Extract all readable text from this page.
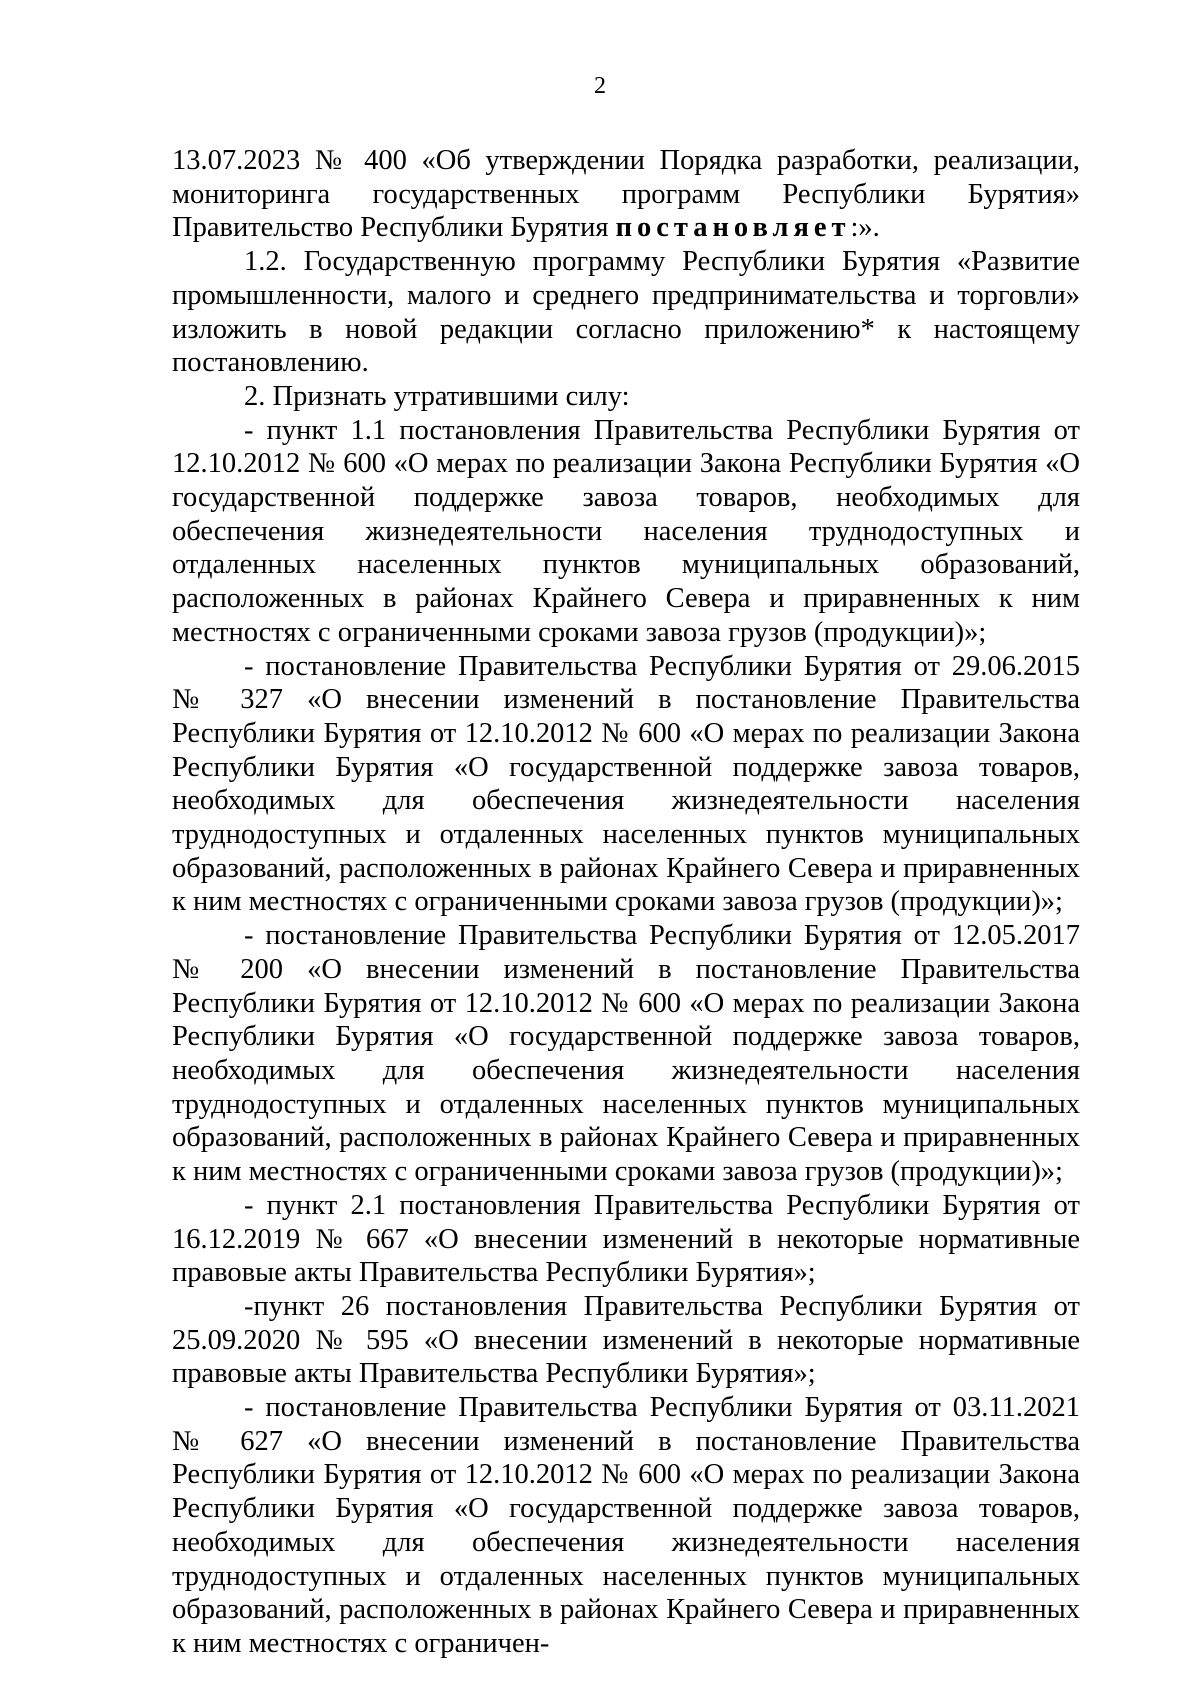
2

13.07.2023 № 400 «Об утверждении Порядка разработки, реализации, мониторинга государственных программ Республики Бурятия» Правительство Республики Бурятия постановляет:».

1.2. Государственную программу Республики Бурятия «Развитие промышленности, малого и среднего предпринимательства и торговли» изложить в новой редакции согласно приложению* к настоящему постановлению.

2. Признать утратившими силу:

- пункт 1.1 постановления Правительства Республики Бурятия от 12.10.2012 № 600 «О мерах по реализации Закона Республики Бурятия «О государственной поддержке завоза товаров, необходимых для обеспечения жизнедеятельности населения труднодоступных и отдаленных населенных пунктов муниципальных образований, расположенных в районах Крайнего Севера и приравненных к ним местностях с ограниченными сроками завоза грузов (продукции)»;

- постановление Правительства Республики Бурятия от 29.06.2015 № 327 «О внесении изменений в постановление Правительства Республики Бурятия от 12.10.2012 № 600 «О мерах по реализации Закона Республики Бурятия «О государственной поддержке завоза товаров, необходимых для обеспечения жизнедеятельности населения труднодоступных и отдаленных населенных пунктов муниципальных образований, расположенных в районах Крайнего Севера и приравненных к ним местностях с ограниченными сроками завоза грузов (продукции)»;

- постановление Правительства Республики Бурятия от 12.05.2017 № 200 «О внесении изменений в постановление Правительства Республики Бурятия от 12.10.2012 № 600 «О мерах по реализации Закона Республики Бурятия «О государственной поддержке завоза товаров, необходимых для обеспечения жизнедеятельности населения труднодоступных и отдаленных населенных пунктов муниципальных образований, расположенных в районах Крайнего Севера и приравненных к ним местностях с ограниченными сроками завоза грузов (продукции)»;

- пункт 2.1 постановления Правительства Республики Бурятия от 16.12.2019 № 667 «О внесении изменений в некоторые нормативные правовые акты Правительства Республики Бурятия»;

-пункт 26 постановления Правительства Республики Бурятия от 25.09.2020 № 595 «О внесении изменений в некоторые нормативные правовые акты Правительства Республики Бурятия»;

- постановление Правительства Республики Бурятия от 03.11.2021 № 627 «О внесении изменений в постановление Правительства Республики Бурятия от 12.10.2012 № 600 «О мерах по реализации Закона Республики Бурятия «О государственной поддержке завоза товаров, необходимых для обеспечения жизнедеятельности населения труднодоступных и отдаленных населенных пунктов муниципальных образований, расположенных в районах Крайнего Севера и приравненных к ним местностях с ограничен-
